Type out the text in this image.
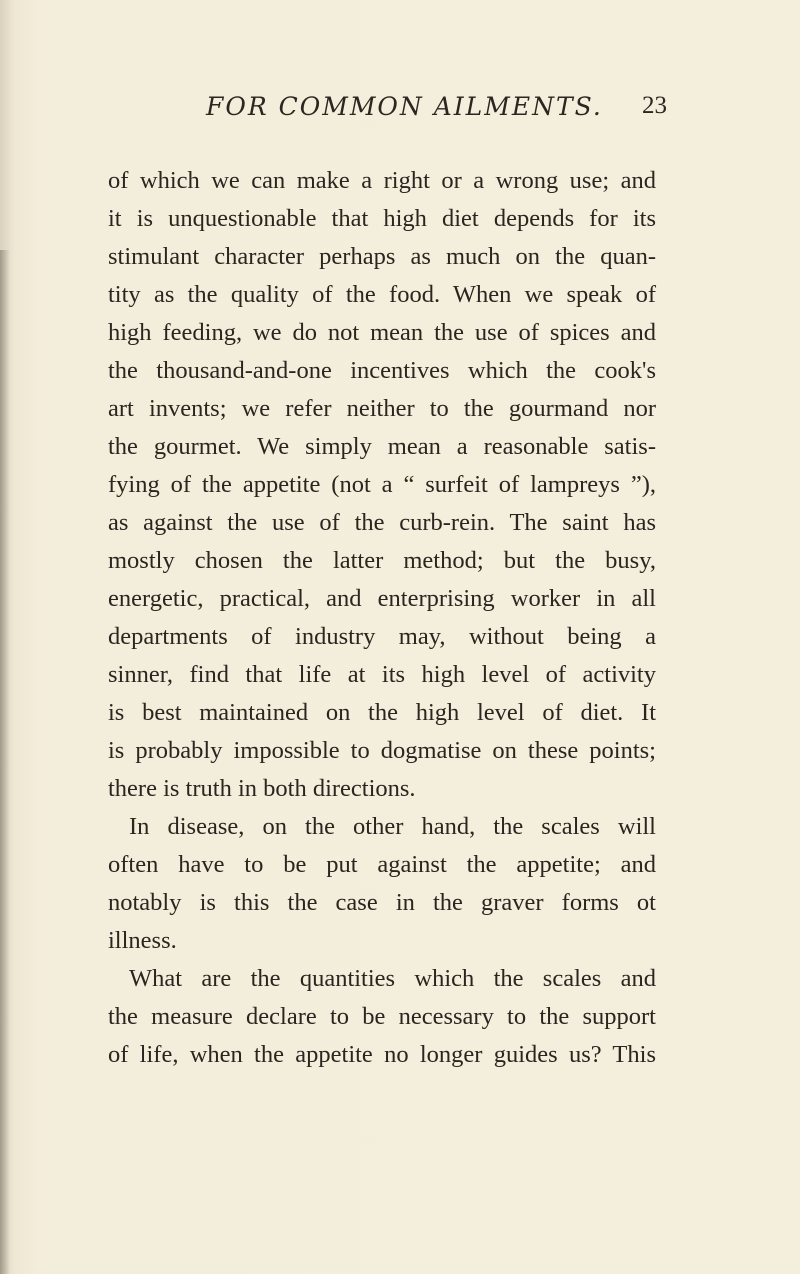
FOR COMMON AILMENTS. 23
of which we can make a right or a wrong use; and
it is unquestionable that high diet depends for its
stimulant character perhaps as much on the quan-
tity as the quality of the food. When we speak of
high feeding, we do not mean the use of spices and
the thousand-and-one incentives which the cook's
art invents; we refer neither to the gourmand nor
the gourmet. We simply mean a reasonable satis-
fying of the appetite (not a “ surfeit of lampreys ”),
as against the use of the curb-rein. The saint has
mostly chosen the latter method; but the busy,
energetic, practical, and enterprising worker in all
departments of industry may, without being a
sinner, find that life at its high level of activity
is best maintained on the high level of diet. It
is probably impossible to dogmatise on these points;
there is truth in both directions.
In disease, on the other hand, the scales will
often have to be put against the appetite; and
notably is this the case in the graver forms ot
illness.
What are the quantities which the scales and
the measure declare to be necessary to the support
of life, when the appetite no longer guides us? This
